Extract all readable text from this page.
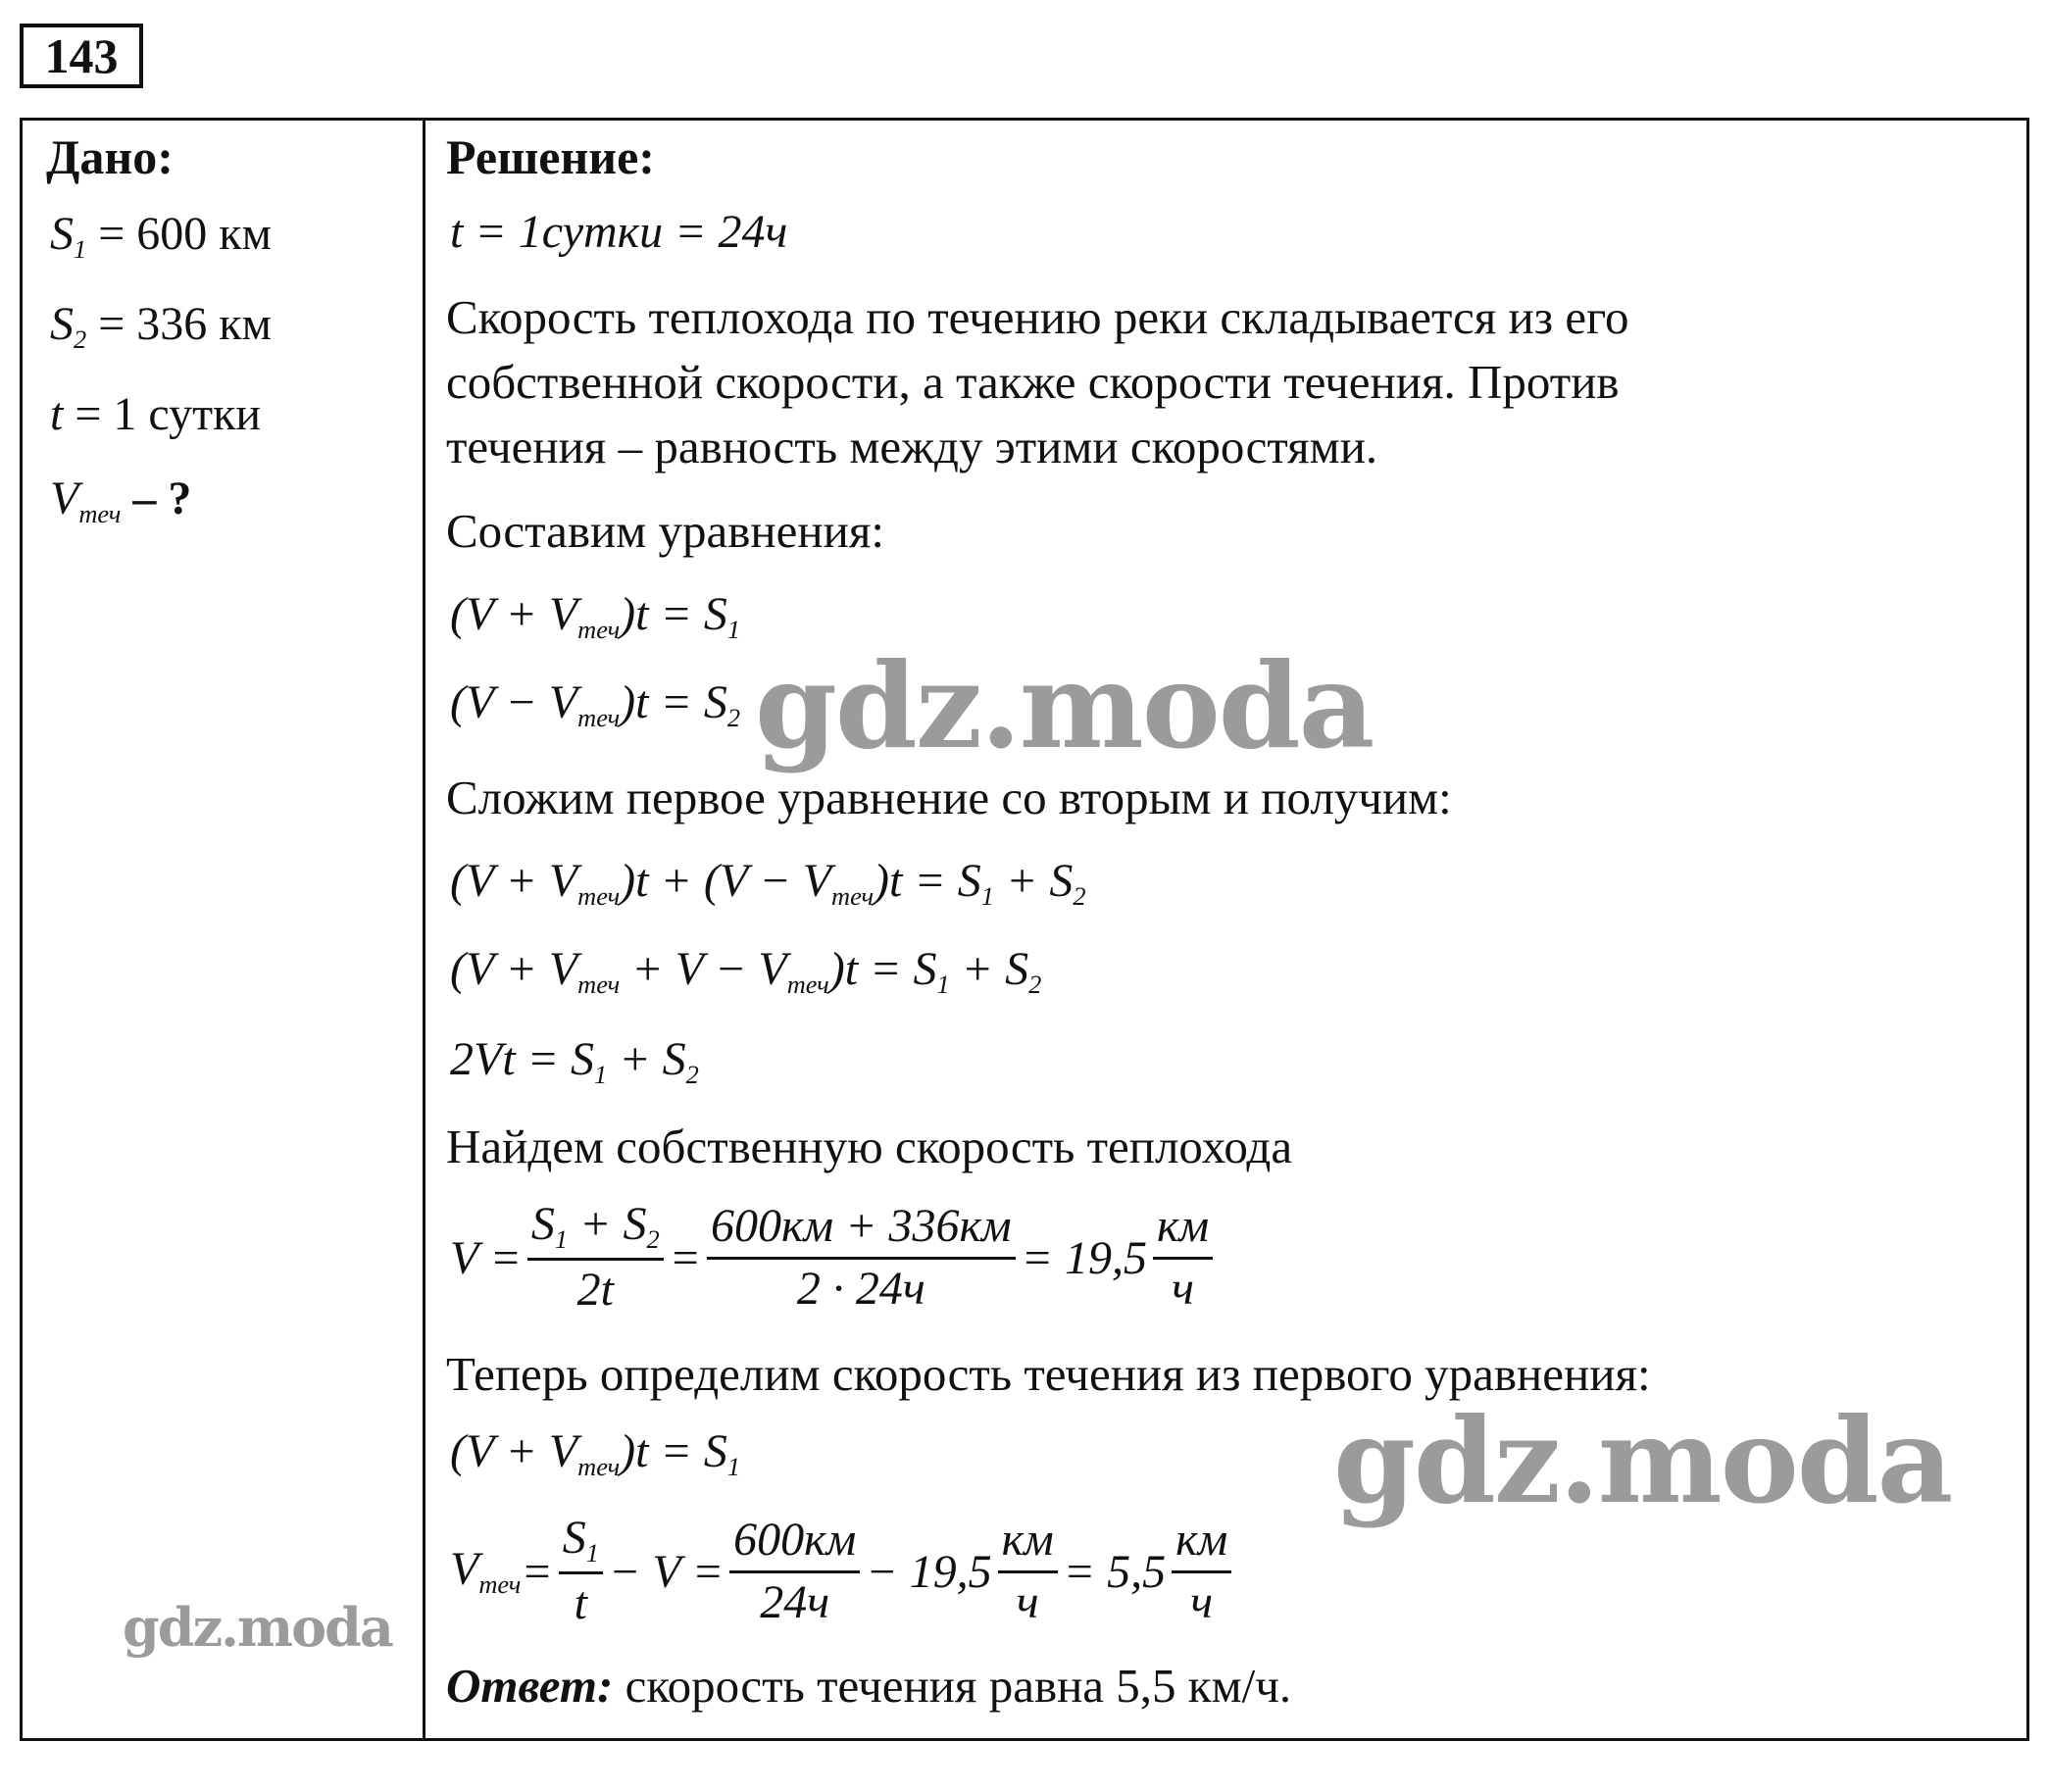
143
Дано:
$S_1 = 600$ км
$S_2 = 336$ км
t = 1 сутки
$V_{теч}$ – ?
Решение:
t = 1сутки = 24ч
Скорость теплохода по течению реки складывается из его
собственной скорости, а также скорости течения. Против
течения – равность между этими скоростями.
Составим уравнения:
$(V + V_{теч})t = S_1$
$(V - V_{теч})t = S_2$
Сложим первое уравнение со вторым и получим:
$(V + V_{теч})t + (V - V_{теч})t = S_1 + S_2$
$(V + V_{теч} + V - V_{теч})t = S_1 + S_2$
$2Vt = S_1 + S_2$
Найдем собственную скорость теплохода
$V = \frac{S_1 + S_2}{2t} = \frac{600км + 336км}{2 \cdot 24ч} = 19,5 \frac{км}{ч}$
Теперь определим скорость течения из первого уравнения:
$(V + V_{теч})t = S_1$
$V_{теч} = \frac{S_1}{t} - V = \frac{600км}{24ч} - 19,5 \frac{км}{ч} = 5,5 \frac{км}{ч}$
Ответ: скорость течения равна 5,5 км/ч.
gdz.moda
gdz.moda
gdz.moda
